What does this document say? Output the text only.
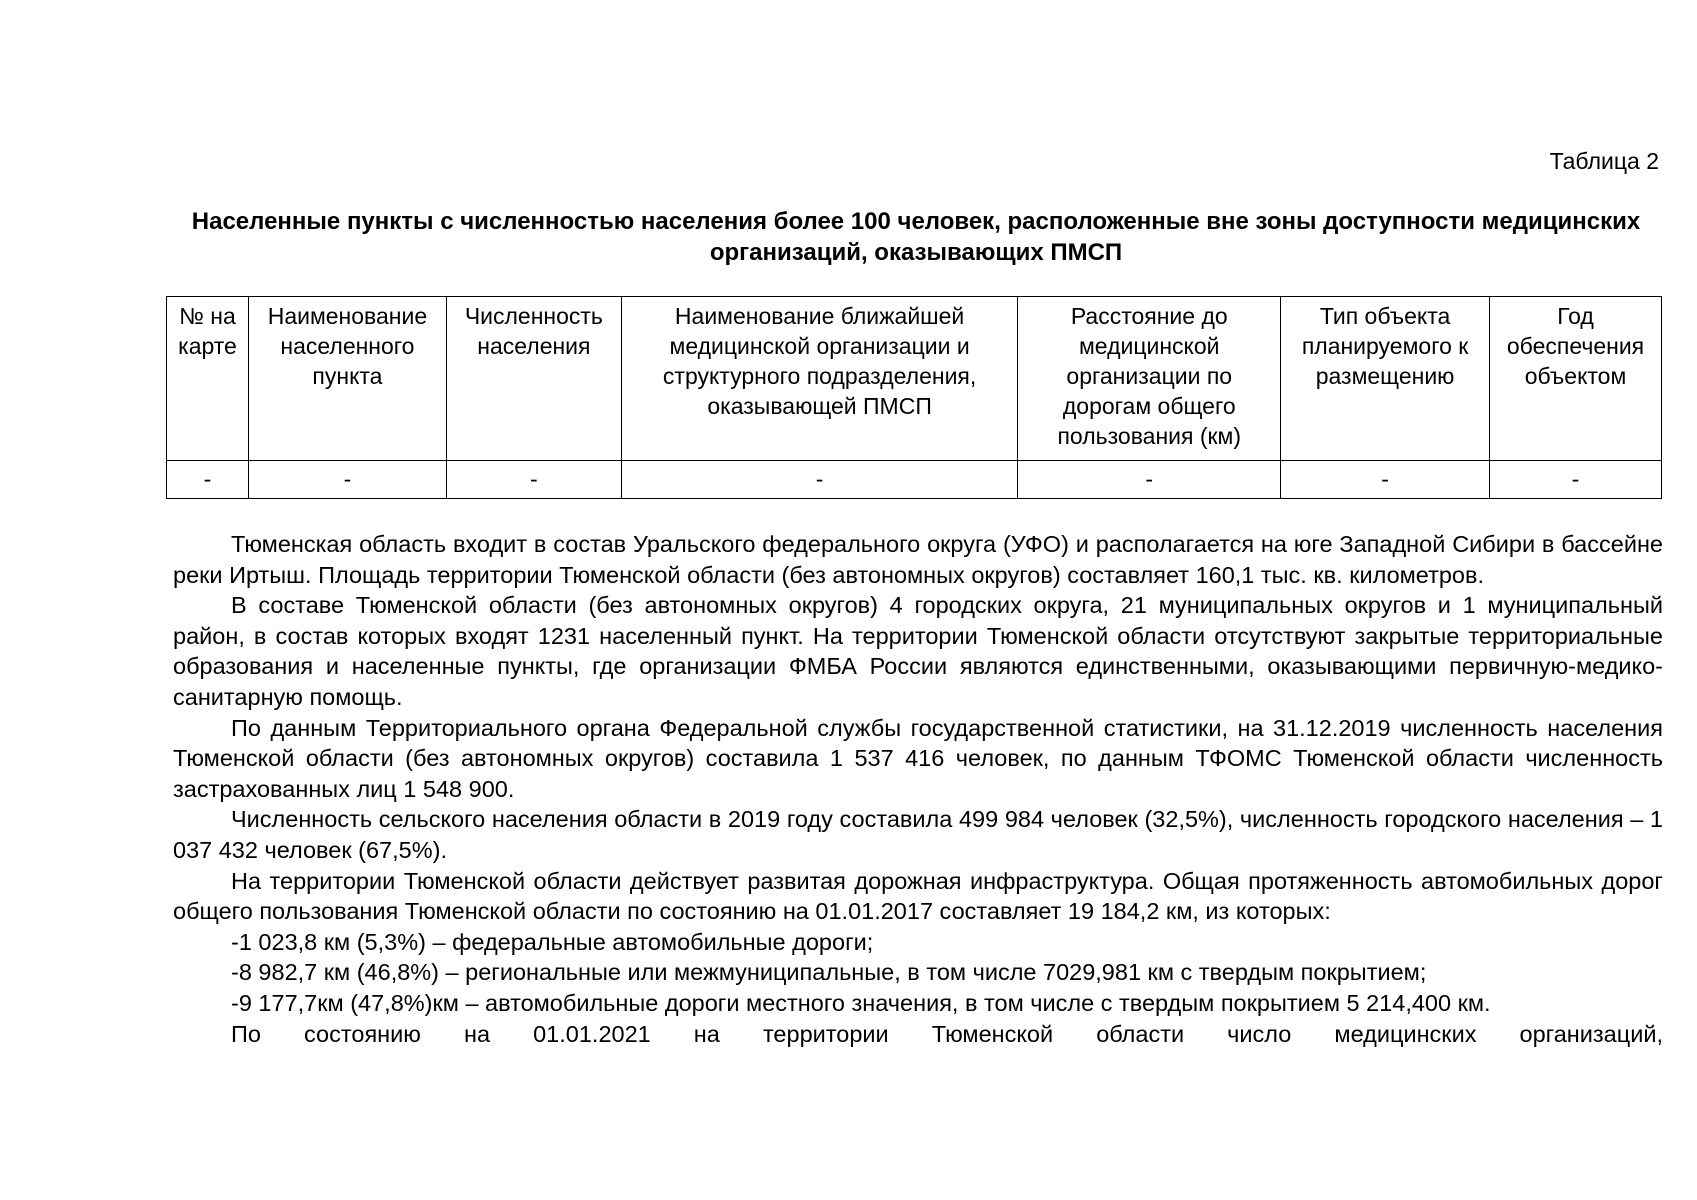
Таблица 2
Населенные пункты с численностью населения более 100 человек, расположенные вне зоны доступности медицинских организаций, оказывающих ПМСП
№ на карте	Наименование населенного пункта	Численность населения	Наименование ближайшей медицинской организации и структурного подразделения, оказывающей ПМСП	Расстояние до медицинской организации по дорогам общего пользования (км)	Тип объекта планируемого к размещению	Год обеспечения объектом
-	-	-	-	-	-	-

Тюменская область входит в состав Уральского федерального округа (УФО) и располагается на юге Западной Сибири в бассейне реки Иртыш. Площадь территории Тюменской области (без автономных округов) составляет 160,1 тыс. кв. километров.

В составе Тюменской области (без автономных округов) 4 городских округа, 21 муниципальных округов и 1 муниципальный район, в состав которых входят 1231 населенный пункт. На территории Тюменской области отсутствуют закрытые территориальные образования и населенные пункты, где организации ФМБА России являются единственными, оказывающими первичную-медико-санитарную помощь.

По данным Территориального органа Федеральной службы государственной статистики, на 31.12.2019 численность населения Тюменской области (без автономных округов) составила 1 537 416 человек, по данным ТФОМС Тюменской области численность застрахованных лиц 1 548 900.

Численность сельского населения области в 2019 году составила 499 984 человек (32,5%), численность городского населения – 1 037 432 человек (67,5%).

На территории Тюменской области действует развитая дорожная инфраструктура. Общая протяженность автомобильных дорог общего пользования Тюменской области по состоянию на 01.01.2017 составляет 19 184,2 км, из которых:

-1 023,8 км (5,3%) – федеральные автомобильные дороги;

-8 982,7 км (46,8%) – региональные или межмуниципальные, в том числе 7029,981 км с твердым покрытием;

-9 177,7км (47,8%)км – автомобильные дороги местного значения, в том числе с твердым покрытием 5 214,400 км.

По состоянию на 01.01.2021 на территории Тюменской области число медицинских организаций,
